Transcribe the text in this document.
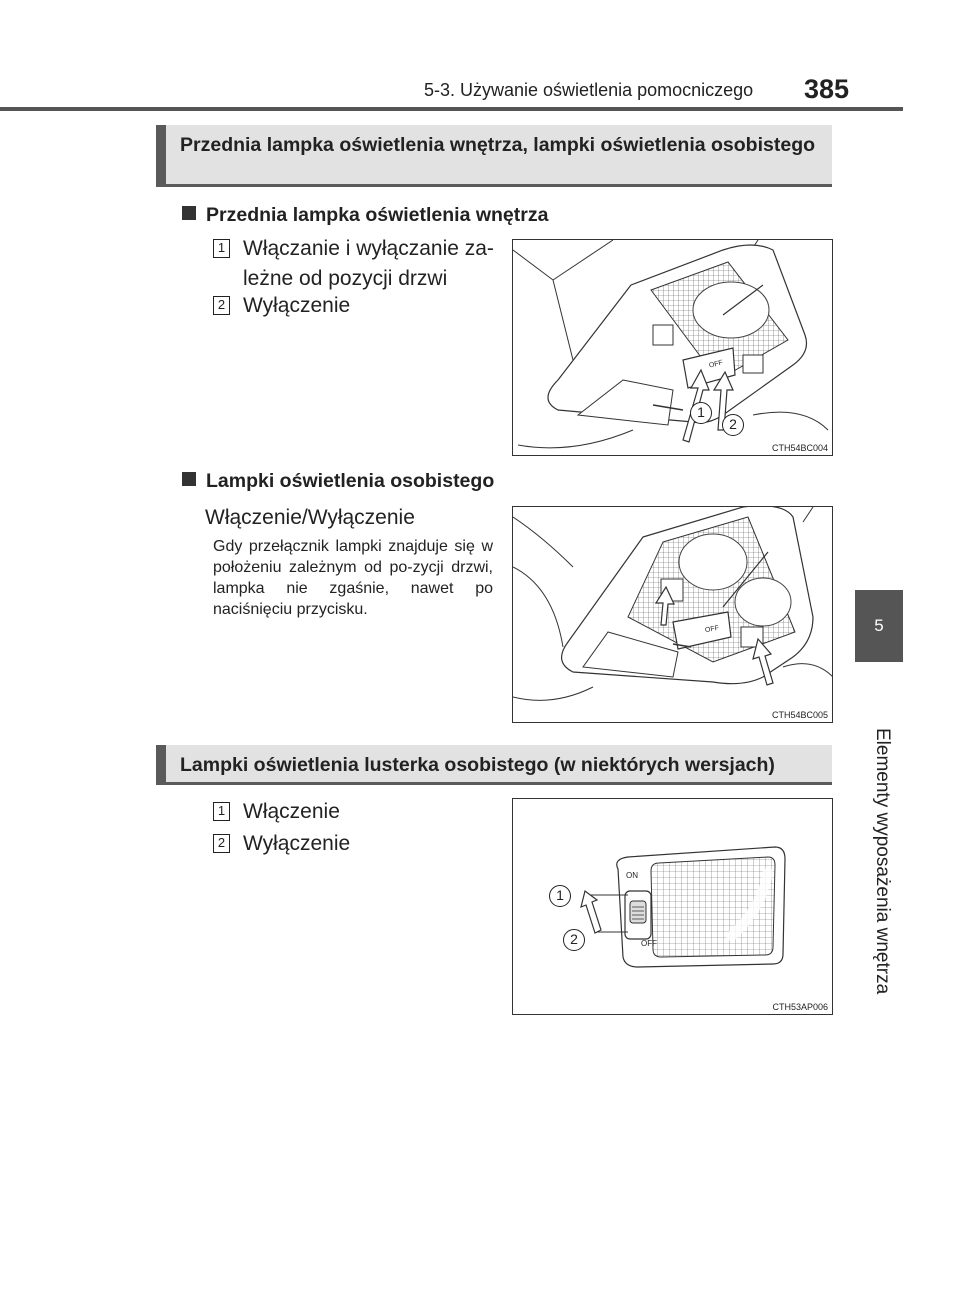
5-3. Używanie oświetlenia pomocniczego 385
5
Elementy wyposażenia wnętrza
Przednia lampka oświetlenia wnętrza, lampki oświetlenia osobistego
Przednia lampka oświetlenia wnętrza
1 Włączanie i wyłączanie za-leżne od pozycji drzwi
2 Wyłączenie
1
2
OFF
CTH54BC004
Lampki oświetlenia osobistego
Włączenie/Wyłączenie
Gdy przełącznik lampki znajduje się w położeniu zależnym od po-zycji drzwi, lampka nie zgaśnie, nawet po naciśnięciu przycisku.
OFF
CTH54BC005
Lampki oświetlenia lusterka osobistego (w niektórych wersjach)
1 Włączenie
2 Wyłączenie
ON
OFF
1
2
CTH53AP006
